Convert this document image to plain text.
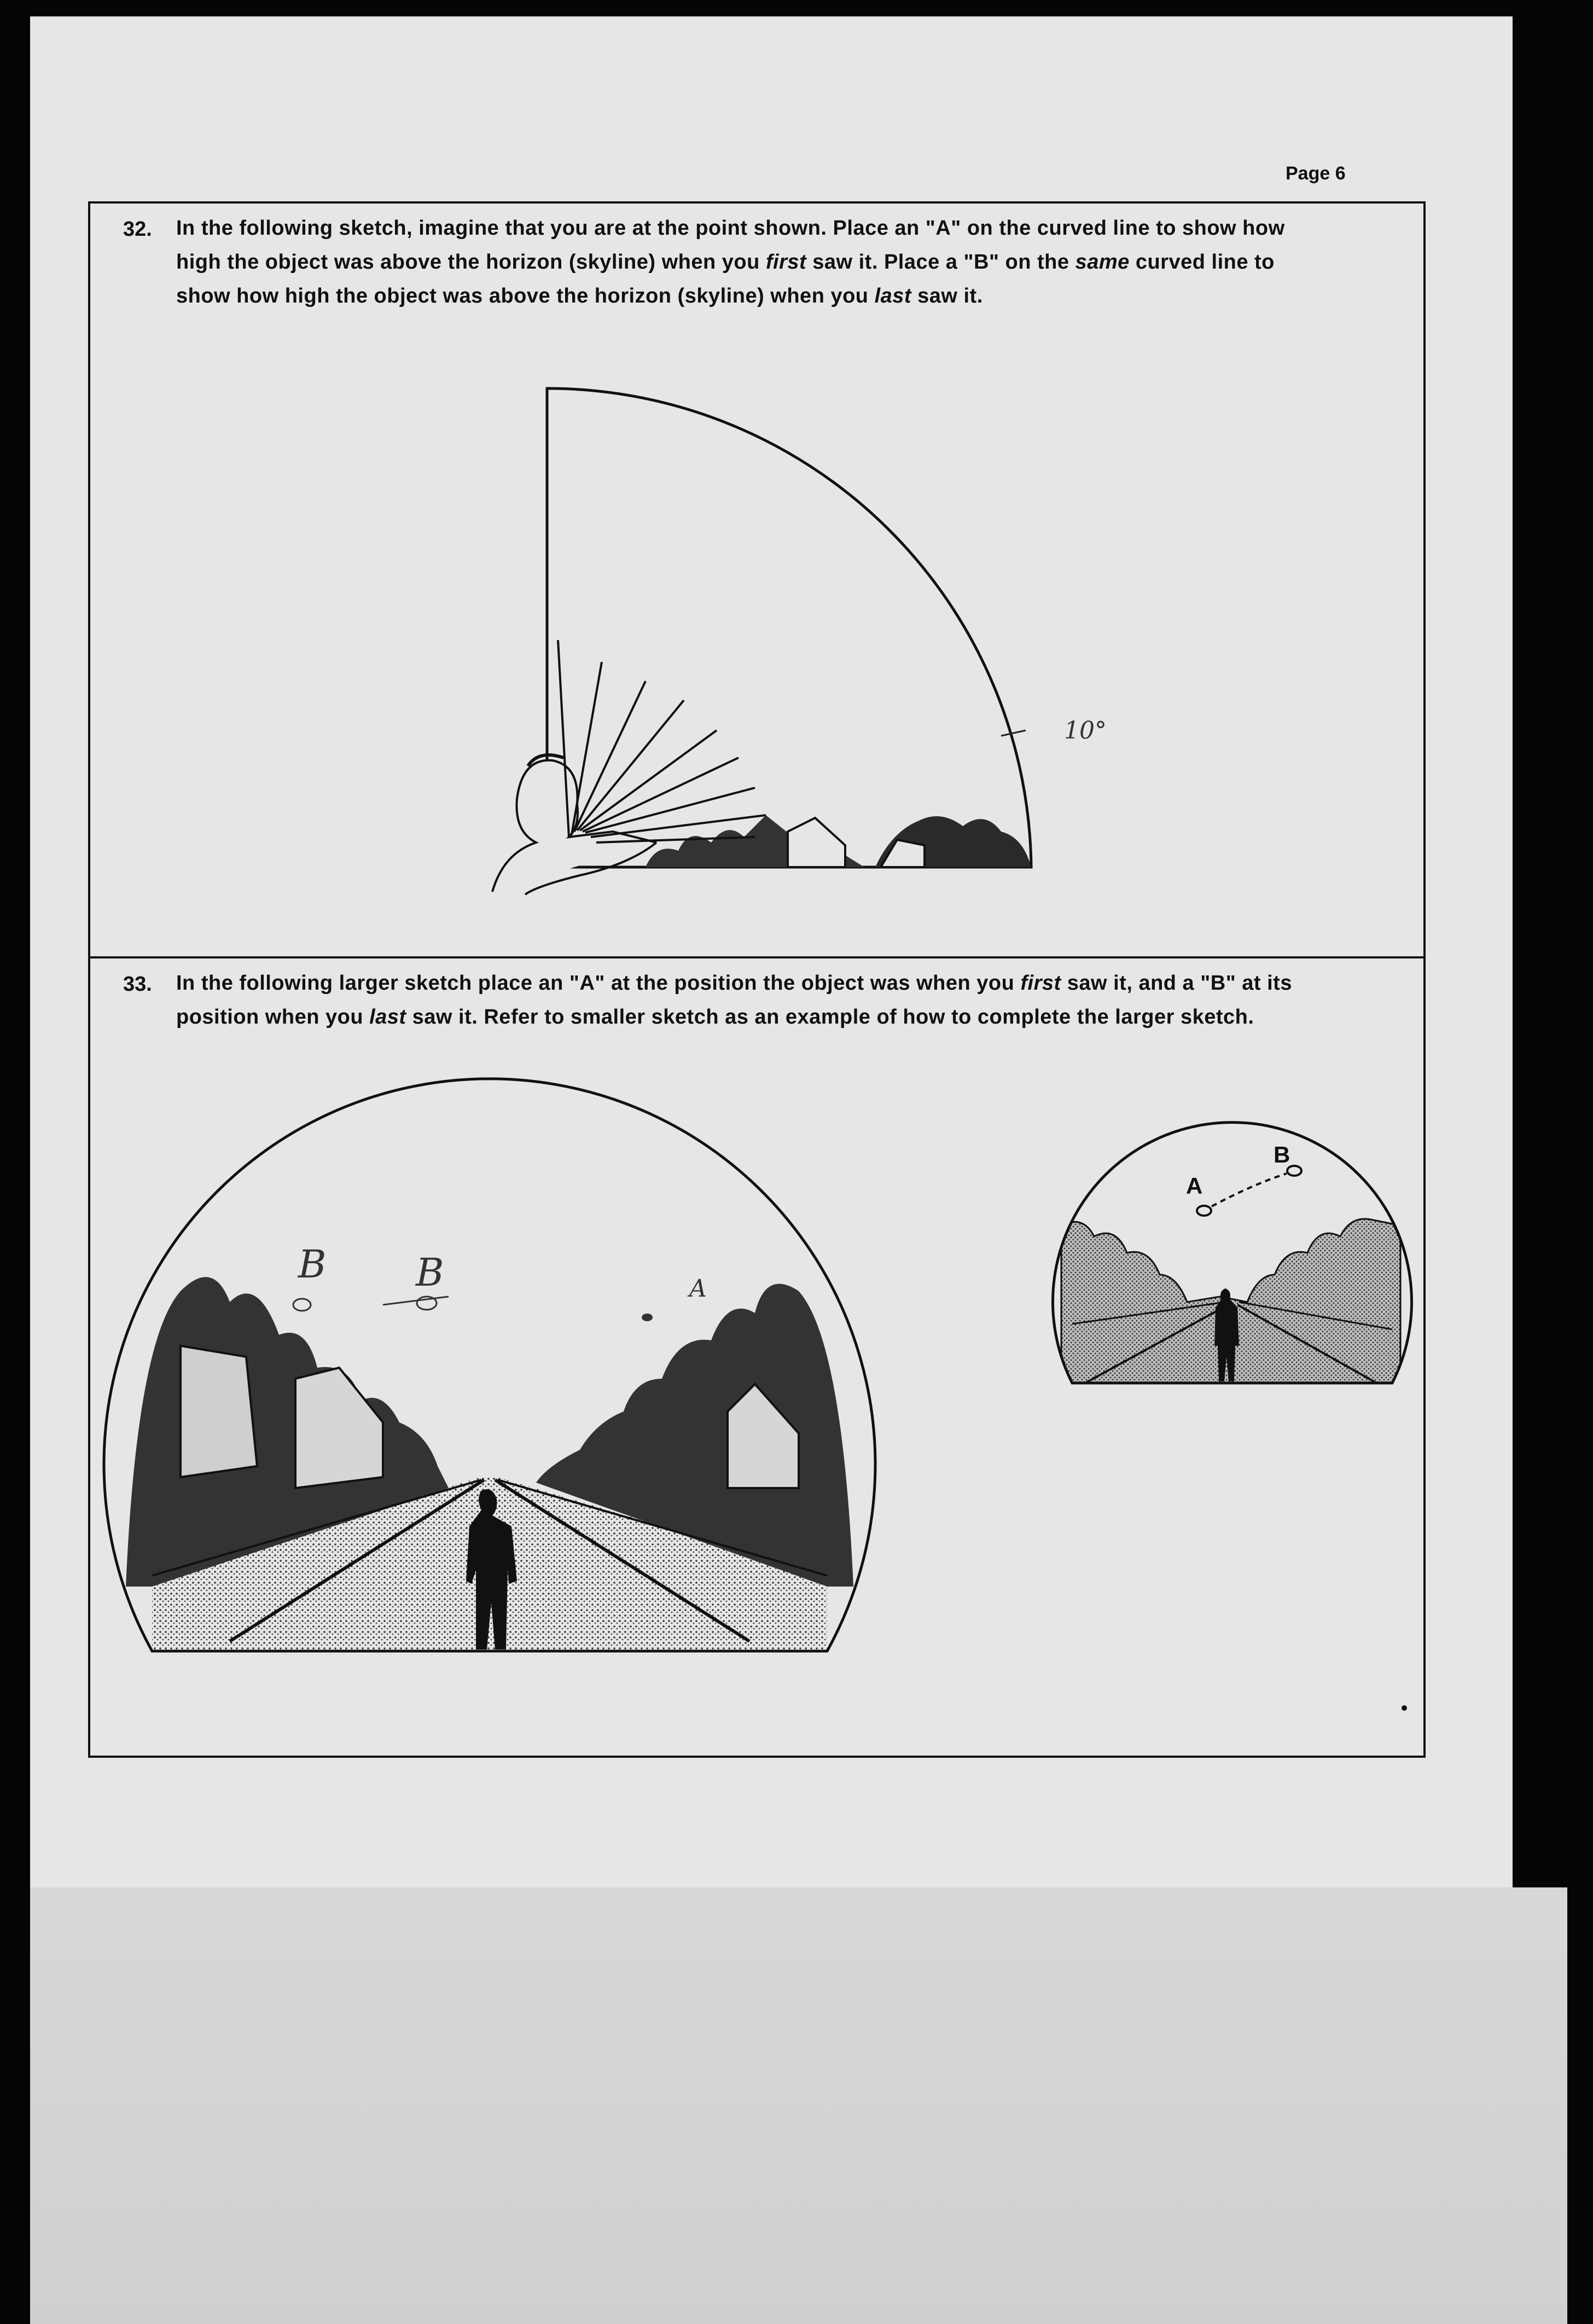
Page 6
32. In the following sketch, imagine that you are at the point shown. Place an "A" on the curved line to show how
high the object was above the horizon (skyline) when you first saw it. Place a "B" on the same curved line to
show how high the object was above the horizon (skyline) when you last saw it.
33. In the following larger sketch place an "A" at the position the object was when you first saw it, and a "B" at its
position when you last saw it. Refer to smaller sketch as an example of how to complete the larger sketch.
10°
B B	A
A
B
